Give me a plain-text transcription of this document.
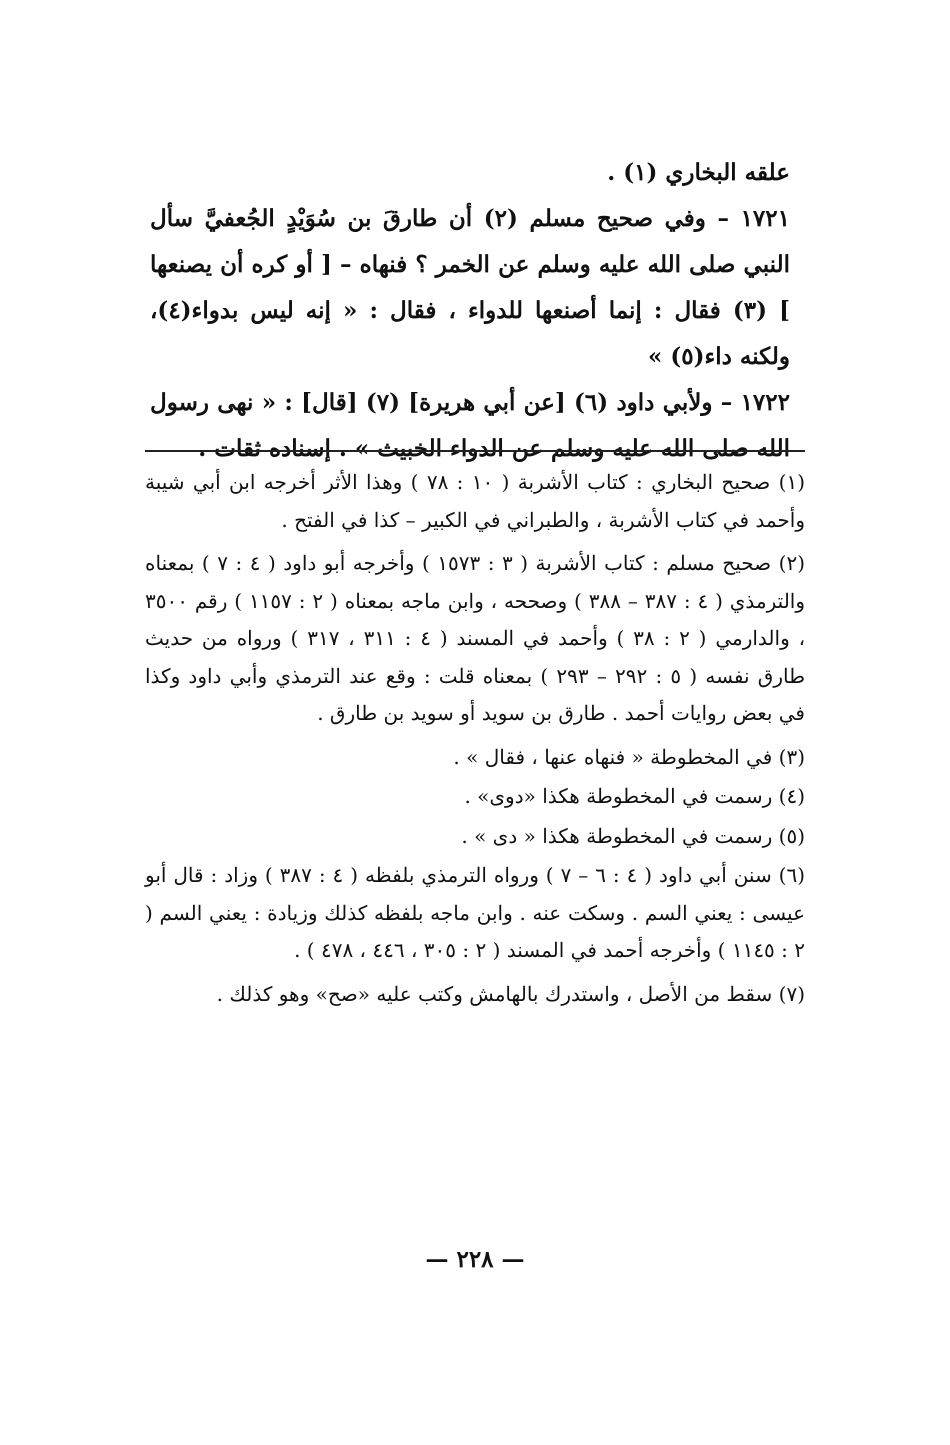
علقه البخاري (١) .

١٧٢١ – وفي صحيح مسلم (٢) أن طارقَ بن سُوَيْدٍ الجُعفيَّ سأل النبي صلى الله عليه وسلم عن الخمر ؟ فنهاه – [ أو كره أن يصنعها ] (٣) فقال : إنما أصنعها للدواء ، فقال : « إنه ليس بدواء(٤)، ولكنه داء(٥) »

١٧٢٢ – ولأبي داود (٦) [عن أبي هريرة] (٧) [قال] : « نهى رسول الله صلى الله عليه وسلم عن الدواء الخبيث » . إسناده ثقات .

(١) صحيح البخاري : كتاب الأشربة ( ١٠ : ٧٨ ) وهذا الأثر أخرجه ابن أبي شيبة وأحمد في كتاب الأشربة ، والطبراني في الكبير – كذا في الفتح .

(٢) صحيح مسلم : كتاب الأشربة ( ٣ : ١٥٧٣ ) وأخرجه أبو داود ( ٤ : ٧ ) بمعناه والترمذي ( ٤ : ٣٨٧ – ٣٨٨ ) وصححه ، وابن ماجه بمعناه ( ٢ : ١١٥٧ ) رقم ٣٥٠٠ ، والدارمي ( ٢ : ٣٨ ) وأحمد في المسند ( ٤ : ٣١١ ، ٣١٧ ) ورواه من حديث طارق نفسه ( ٥ : ٢٩٢ – ٢٩٣ ) بمعناه قلت : وقع عند الترمذي وأبي داود وكذا في بعض روايات أحمد . طارق بن سويد أو سويد بن طارق .

(٣) في المخطوطة « فنهاه عنها ، فقال » .

(٤) رسمت في المخطوطة هكذا «دوى» .

(٥) رسمت في المخطوطة هكذا « دى » .

(٦) سنن أبي داود ( ٤ : ٦ – ٧ ) ورواه الترمذي بلفظه ( ٤ : ٣٨٧ ) وزاد : قال أبو عيسى : يعني السم . وسكت عنه . وابن ماجه بلفظه كذلك وزيادة : يعني السم ( ٢ : ١١٤٥ ) وأخرجه أحمد في المسند ( ٢ : ٣٠٥ ، ٤٤٦ ، ٤٧٨ ) .

(٧) سقط من الأصل ، واستدرك بالهامش وكتب عليه «صح» وهو كذلك .

— ٢٢٨ —
